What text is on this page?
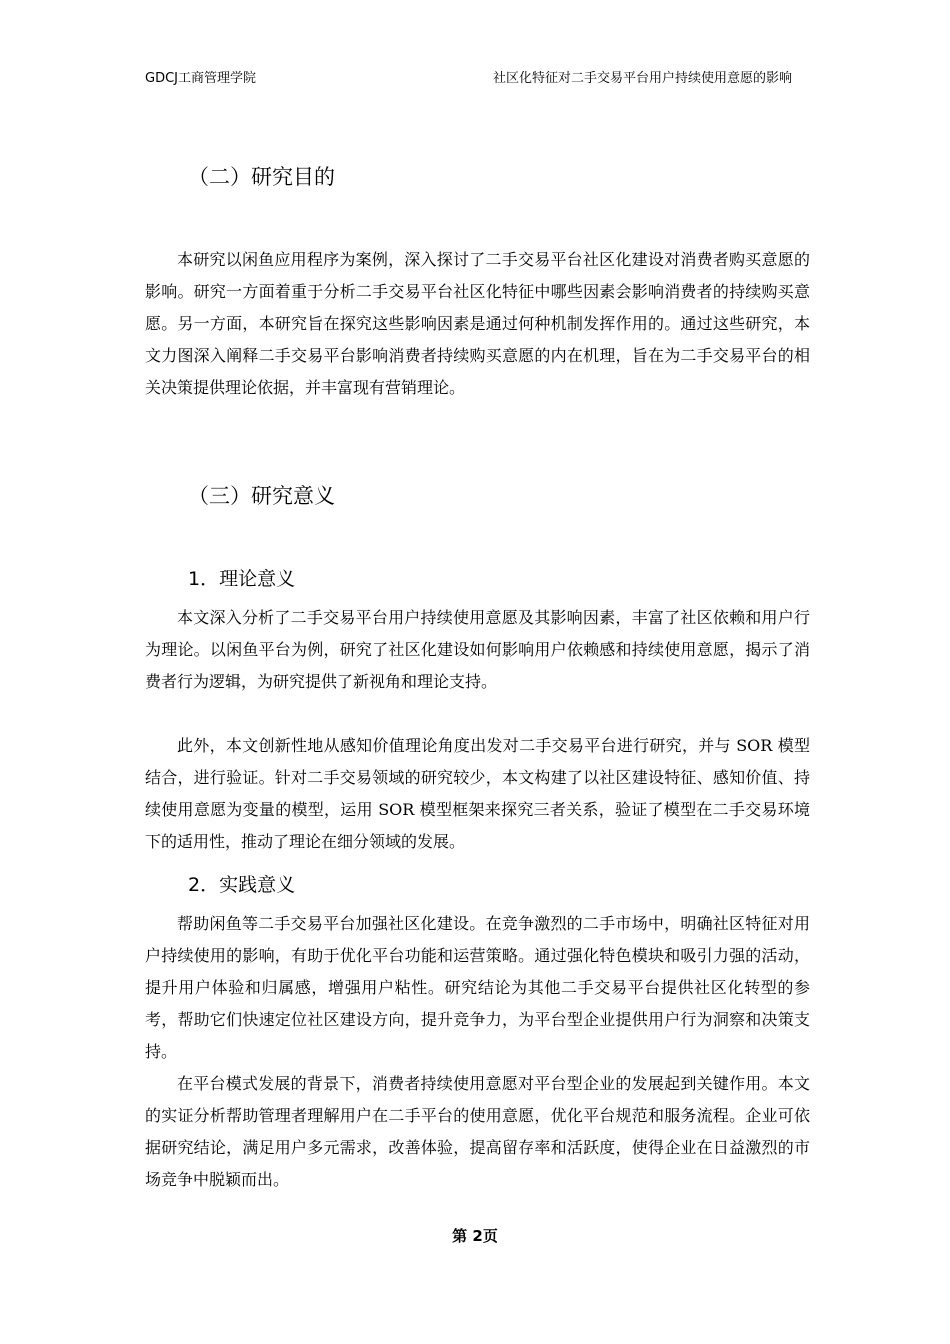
GDCJ工商管理学院	社区化特征对二手交易平台用户持续使用意愿的影响
（二）研究目的

本研究以闲鱼应用程序为案例，深入探讨了二手交易平台社区化建设对消费者购买意愿的影响。研究一方面着重于分析二手交易平台社区化特征中哪些因素会影响消费者的持续购买意愿。另一方面，本研究旨在探究这些影响因素是通过何种机制发挥作用的。通过这些研究，本文力图深入阐释二手交易平台影响消费者持续购买意愿的内在机理，旨在为二手交易平台的相关决策提供理论依据，并丰富现有营销理论。

（三）研究意义
1．理论意义

本文深入分析了二手交易平台用户持续使用意愿及其影响因素，丰富了社区依赖和用户行为理论。以闲鱼平台为例，研究了社区化建设如何影响用户依赖感和持续使用意愿，揭示了消费者行为逻辑，为研究提供了新视角和理论支持。

此外，本文创新性地从感知价值理论角度出发对二手交易平台进行研究，并与 SOR 模型结合，进行验证。针对二手交易领域的研究较少，本文构建了以社区建设特征、感知价值、持续使用意愿为变量的模型，运用 SOR 模型框架来探究三者关系，验证了模型在二手交易环境下的适用性，推动了理论在细分领域的发展。

2．实践意义

帮助闲鱼等二手交易平台加强社区化建设。在竞争激烈的二手市场中，明确社区特征对用户持续使用的影响，有助于优化平台功能和运营策略。通过强化特色模块和吸引力强的活动，提升用户体验和归属感，增强用户粘性。研究结论为其他二手交易平台提供社区化转型的参考，帮助它们快速定位社区建设方向，提升竞争力，为平台型企业提供用户行为洞察和决策支持。

在平台模式发展的背景下，消费者持续使用意愿对平台型企业的发展起到关键作用。本文的实证分析帮助管理者理解用户在二手平台的使用意愿，优化平台规范和服务流程。企业可依据研究结论，满足用户多元需求，改善体验，提高留存率和活跃度，使得企业在日益激烈的市场竞争中脱颖而出。

第 2页
